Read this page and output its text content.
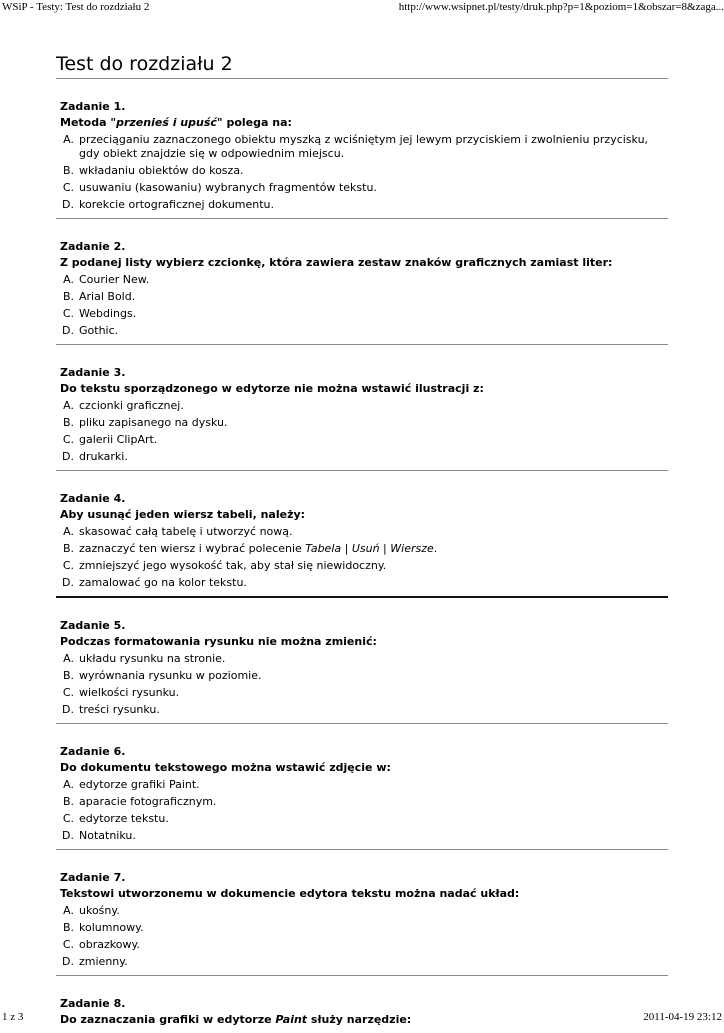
WSiP - Testy: Test do rozdziału 2	http://www.wsipnet.pl/testy/druk.php?p=1&poziom=1&obszar=8&zaga...
Test do rozdziału 2
Zadanie 1.
Metoda "przenieś i upuść" polega na:
A. przeciąganiu zaznaczonego obiektu myszką z wciśniętym jej lewym przyciskiem i zwolnieniu przycisku, gdy obiekt znajdzie się w odpowiednim miejscu.
B. wkładaniu obiektów do kosza.
C. usuwaniu (kasowaniu) wybranych fragmentów tekstu.
D. korekcie ortograficznej dokumentu.
Zadanie 2.
Z podanej listy wybierz czcionkę, która zawiera zestaw znaków graficznych zamiast liter:
A. Courier New.
B. Arial Bold.
C. Webdings.
D. Gothic.
Zadanie 3.
Do tekstu sporządzonego w edytorze nie można wstawić ilustracji z:
A. czcionki graficznej.
B. pliku zapisanego na dysku.
C. galerii ClipArt.
D. drukarki.
Zadanie 4.
Aby usunąć jeden wiersz tabeli, należy:
A. skasować całą tabelę i utworzyć nową.
B. zaznaczyć ten wiersz i wybrać polecenie Tabela | Usuń | Wiersze.
C. zmniejszyć jego wysokość tak, aby stał się niewidoczny.
D. zamalować go na kolor tekstu.
Zadanie 5.
Podczas formatowania rysunku nie można zmienić:
A. układu rysunku na stronie.
B. wyrównania rysunku w poziomie.
C. wielkości rysunku.
D. treści rysunku.
Zadanie 6.
Do dokumentu tekstowego można wstawić zdjęcie w:
A. edytorze grafiki Paint.
B. aparacie fotograficznym.
C. edytorze tekstu.
D. Notatniku.
Zadanie 7.
Tekstowi utworzonemu w dokumencie edytora tekstu można nadać układ:
A. ukośny.
B. kolumnowy.
C. obrazkowy.
D. zmienny.
Zadanie 8.
Do zaznaczania grafiki w edytorze Paint służy narzędzie:
1 z 3	2011-04-19 23:12
